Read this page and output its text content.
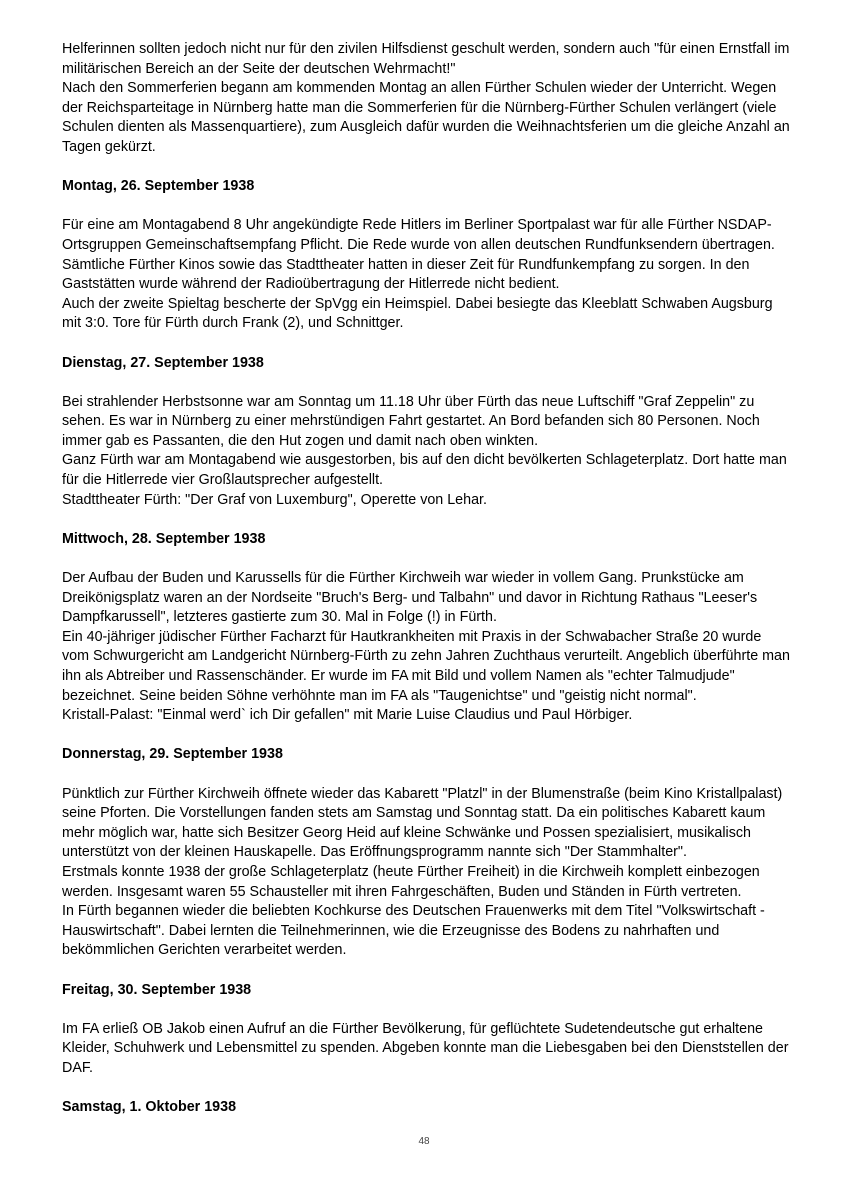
Helferinnen sollten jedoch nicht nur für den zivilen Hilfsdienst geschult werden, sondern auch "für einen Ernstfall im militärischen Bereich an der Seite der deutschen Wehrmacht!"

Nach den Sommerferien begann am kommenden Montag an allen Fürther Schulen wieder der Unterricht. Wegen der Reichsparteitage in Nürnberg hatte man die Sommerferien für die Nürnberg-Fürther Schulen verlängert (viele Schulen dienten als Massenquartiere), zum Ausgleich dafür wurden die Weihnachtsferien um die gleiche Anzahl an Tagen gekürzt.

Montag, 26. September 1938

Für eine am Montagabend 8 Uhr angekündigte Rede Hitlers im Berliner Sportpalast war für alle Fürther NSDAP-Ortsgruppen Gemeinschaftsempfang Pflicht. Die Rede wurde von allen deutschen Rundfunksendern übertragen. Sämtliche Fürther Kinos sowie das Stadttheater hatten in dieser Zeit für Rundfunkempfang zu sorgen. In den Gaststätten wurde während der Radioübertragung der Hitlerrede nicht bedient.

Auch der zweite Spieltag bescherte der SpVgg ein Heimspiel. Dabei besiegte das Kleeblatt Schwaben Augsburg mit 3:0. Tore für Fürth durch Frank (2), und Schnittger.

Dienstag, 27. September 1938

Bei strahlender Herbstsonne war am Sonntag um 11.18 Uhr über Fürth das neue Luftschiff "Graf Zeppelin" zu sehen. Es war in Nürnberg zu einer mehrstündigen Fahrt gestartet. An Bord befanden sich 80 Personen. Noch immer gab es Passanten, die den Hut zogen und damit nach oben winkten.

Ganz Fürth war am Montagabend wie ausgestorben, bis auf den dicht bevölkerten Schlageterplatz. Dort hatte man für die Hitlerrede vier Großlautsprecher aufgestellt.

Stadttheater Fürth: "Der Graf von Luxemburg", Operette von Lehar.

Mittwoch, 28. September 1938

Der Aufbau der Buden und Karussells für die Fürther Kirchweih war wieder in vollem Gang. Prunkstücke am Dreikönigsplatz waren an der Nordseite "Bruch's Berg- und Talbahn" und davor in Richtung Rathaus "Leeser's Dampfkarussell", letzteres gastierte zum 30. Mal in Folge (!) in Fürth.

Ein 40-jähriger jüdischer Fürther Facharzt für Hautkrankheiten mit Praxis in der Schwabacher Straße 20 wurde vom Schwurgericht am Landgericht Nürnberg-Fürth zu zehn Jahren Zuchthaus verurteilt. Angeblich überführte man ihn als Abtreiber und Rassenschänder. Er wurde im FA mit Bild und vollem Namen als "echter Talmudjude" bezeichnet. Seine beiden Söhne verhöhnte man im FA als "Taugenichtse" und "geistig nicht normal".

Kristall-Palast: "Einmal werd` ich Dir gefallen" mit Marie Luise Claudius und Paul Hörbiger.

Donnerstag, 29. September 1938

Pünktlich zur Fürther Kirchweih öffnete wieder das Kabarett "Platzl" in der Blumenstraße (beim Kino Kristallpalast) seine Pforten. Die Vorstellungen fanden stets am Samstag und Sonntag statt. Da ein politisches Kabarett kaum mehr möglich war, hatte sich Besitzer Georg Heid auf kleine Schwänke und Possen spezialisiert, musikalisch unterstützt von der kleinen Hauskapelle. Das Eröffnungsprogramm nannte sich "Der Stammhalter".

Erstmals konnte 1938 der große Schlageterplatz (heute Fürther Freiheit) in die Kirchweih komplett einbezogen werden. Insgesamt waren 55 Schausteller mit ihren Fahrgeschäften, Buden und Ständen in Fürth vertreten.

In Fürth begannen wieder die beliebten Kochkurse des Deutschen Frauenwerks mit dem Titel "Volkswirtschaft - Hauswirtschaft". Dabei lernten die Teilnehmerinnen, wie die Erzeugnisse des Bodens zu nahrhaften und bekömmlichen Gerichten verarbeitet werden.

Freitag, 30. September 1938

Im FA erließ OB Jakob einen Aufruf an die Fürther Bevölkerung, für geflüchtete Sudetendeutsche gut erhaltene Kleider, Schuhwerk und Lebensmittel zu spenden. Abgeben konnte man die Liebesgaben bei den Dienststellen der DAF.

Samstag, 1. Oktober 1938
48
